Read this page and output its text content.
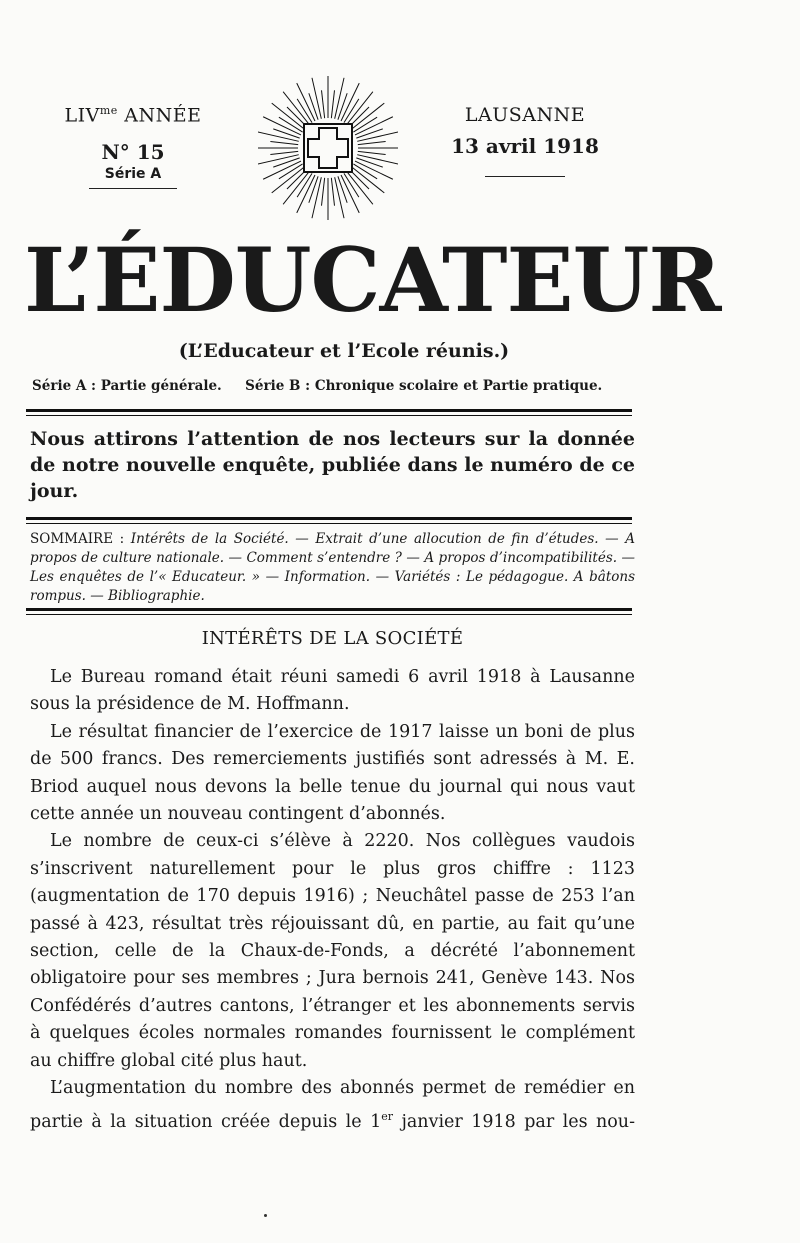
$LIV^{me}$ ANNÉE
N° 15
Série A
LAUSANNE
13 avril 1918
L’ÉDUCATEUR
(L’Educateur et l’Ecole réunis.)
Série A : Partie générale. Série B : Chronique scolaire et Partie pratique.
Nous attirons l’attention de nos lecteurs sur la donnée de notre nouvelle enquête, publiée dans le numéro de ce jour.
SOMMAIRE : Intérêts de la Société. — Extrait d’une allocution de fin d’études. — A propos de culture nationale. — Comment s’entendre ? — A propos d’incompatibilités. — Les enquêtes de l’« Educateur. » — Information. — Variétés : Le pédagogue. A bâtons rompus. — Bibliographie.
INTÉRÊTS DE LA SOCIÉTÉ

Le Bureau romand était réuni samedi 6 avril 1918 à Lausanne sous la présidence de M. Hoffmann.

Le résultat financier de l’exercice de 1917 laisse un boni de plus de 500 francs. Des remerciements justifiés sont adressés à M. E. Briod auquel nous devons la belle tenue du journal qui nous vaut cette année un nouveau contingent d’abonnés.

Le nombre de ceux-ci s’élève à 2220. Nos collègues vaudois s’inscrivent naturellement pour le plus gros chiffre : 1123 (augmentation de 170 depuis 1916) ; Neuchâtel passe de 253 l’an passé à 423, résultat très réjouissant dû, en partie, au fait qu’une section, celle de la Chaux-de-Fonds, a décrété l’abonnement obligatoire pour ses membres ; Jura bernois 241, Genève 143. Nos Confédérés d’autres cantons, l’étranger et les abonnements servis à quelques écoles normales romandes fournissent le complément au chiffre global cité plus haut.

L’augmentation du nombre des abonnés permet de remédier en partie à la situation créée depuis le 1er janvier 1918 par les nou-
